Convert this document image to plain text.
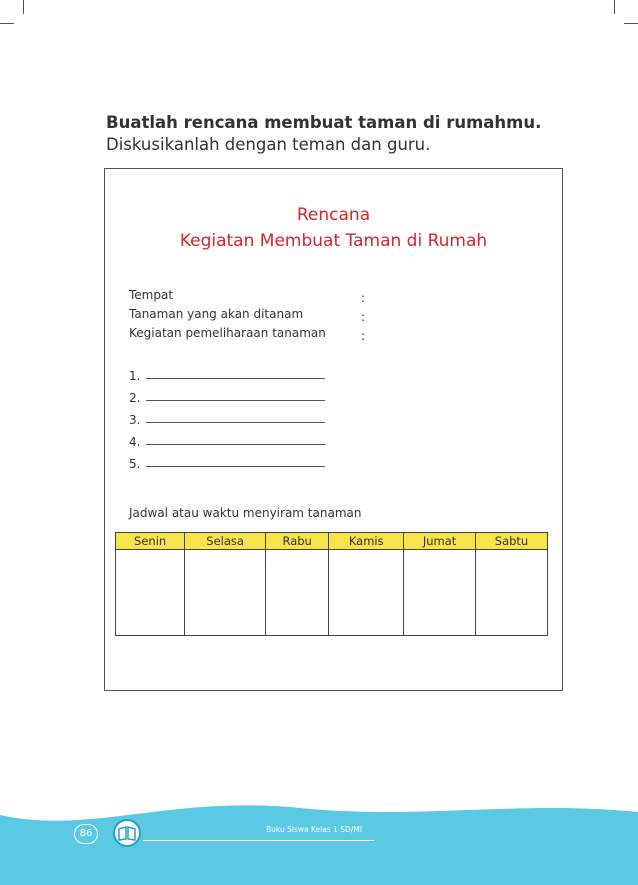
Buatlah rencana membuat taman di rumahmu.
Diskusikanlah dengan teman dan guru.
Rencana
Kegiatan Membuat Taman di Rumah
Tempat	:
Tanaman yang akan ditanam	:
Kegiatan pemeliharaan tanaman	:
1.
2.
3.
4.
5.
Jadwal atau waktu menyiram tanaman
Senin	Selasa	Rabu	Kamis	Jumat	Sabtu

86	Buku Siswa Kelas 1 SD/MI
